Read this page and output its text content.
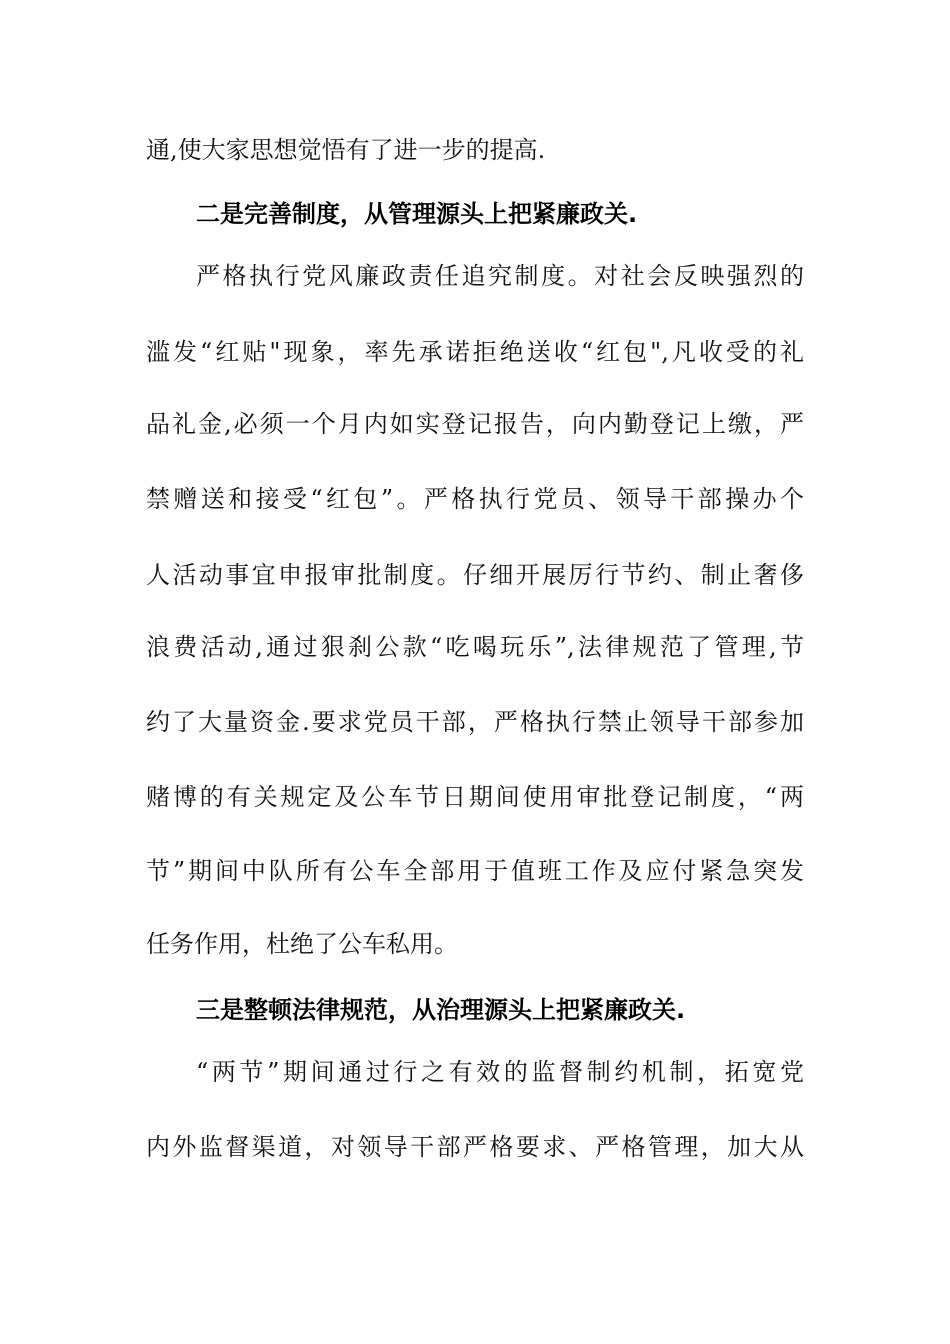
通,使大家思想觉悟有了进一步的提高.
二是完善制度，从管理源头上把紧廉政关.
严格执行党风廉政责任追究制度。对社会反映强烈的
滥发“红贴"现象，率先承诺拒绝送收“红包",凡收受的礼
品礼金,必须一个月内如实登记报告，向内勤登记上缴，严
禁赠送和接受“红包”。严格执行党员、领导干部操办个
人活动事宜申报审批制度。仔细开展厉行节约、制止奢侈
浪费活动,通过狠刹公款“吃喝玩乐”,法律规范了管理,节
约了大量资金.要求党员干部，严格执行禁止领导干部参加
赌博的有关规定及公车节日期间使用审批登记制度，“两
节”期间中队所有公车全部用于值班工作及应付紧急突发
任务作用，杜绝了公车私用。
三是整顿法律规范，从治理源头上把紧廉政关.
“两节”期间通过行之有效的监督制约机制，拓宽党
内外监督渠道，对领导干部严格要求、严格管理，加大从
